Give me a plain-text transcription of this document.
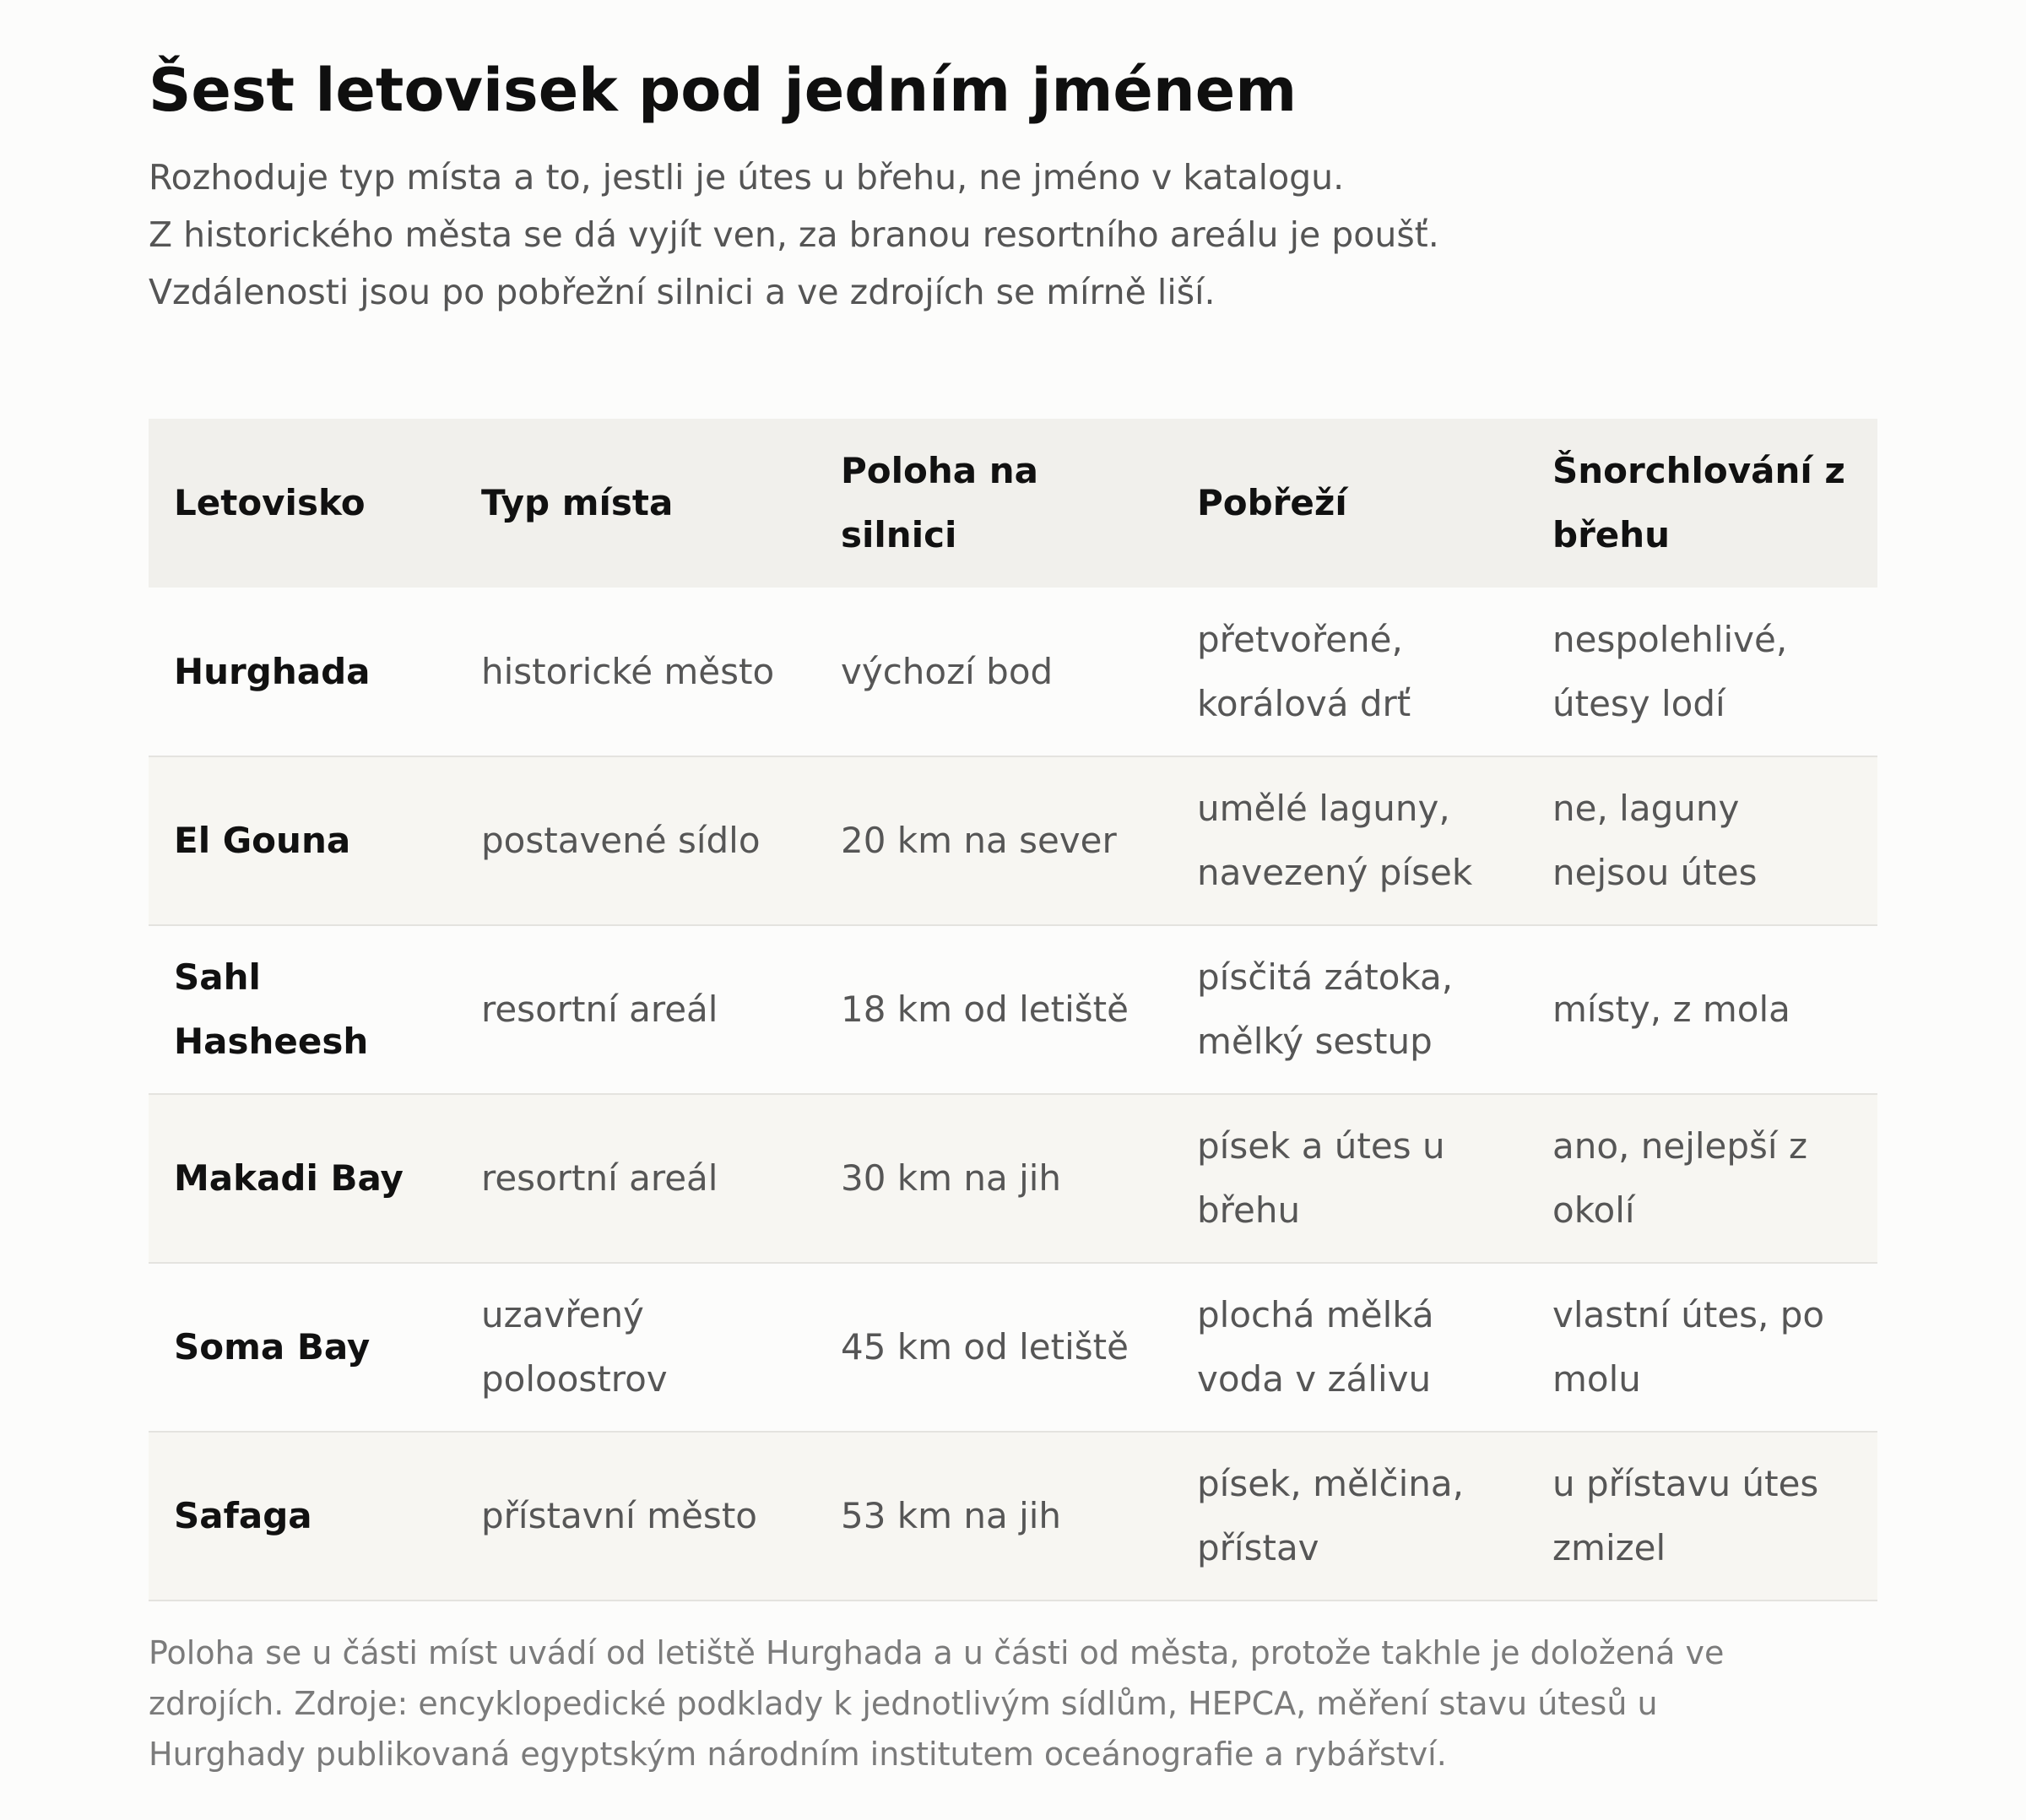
Šest letovisek pod jedním jménem
Rozhoduje typ místa a to, jestli je útes u břehu, ne jméno v katalogu.
Z historického města se dá vyjít ven, za branou resortního areálu je poušť.
Vzdálenosti jsou po pobřežní silnici a ve zdrojích se mírně liší.
Letovisko	Typ místa	Poloha na silnici	Pobřeží	Šnorchlování z břehu
Hurghada	historické město	výchozí bod	přetvořené, korálová drť	nespolehlivé, útesy lodí
El Gouna	postavené sídlo	20 km na sever	umělé laguny, navezený písek	ne, laguny nejsou útes
Sahl Hasheesh	resortní areál	18 km od letiště	písčitá zátoka, mělký sestup	místy, z mola
Makadi Bay	resortní areál	30 km na jih	písek a útes u břehu	ano, nejlepší z okolí
Soma Bay	uzavřený poloostrov	45 km od letiště	plochá mělká voda v zálivu	vlastní útes, po molu
Safaga	přístavní město	53 km na jih	písek, mělčina, přístav	u přístavu útes zmizel
Poloha se u části míst uvádí od letiště Hurghada a u části od města, protože takhle je doložená ve
zdrojích. Zdroje: encyklopedické podklady k jednotlivým sídlům, HEPCA, měření stavu útesů u
Hurghady publikovaná egyptským národním institutem oceánografie a rybářství.
